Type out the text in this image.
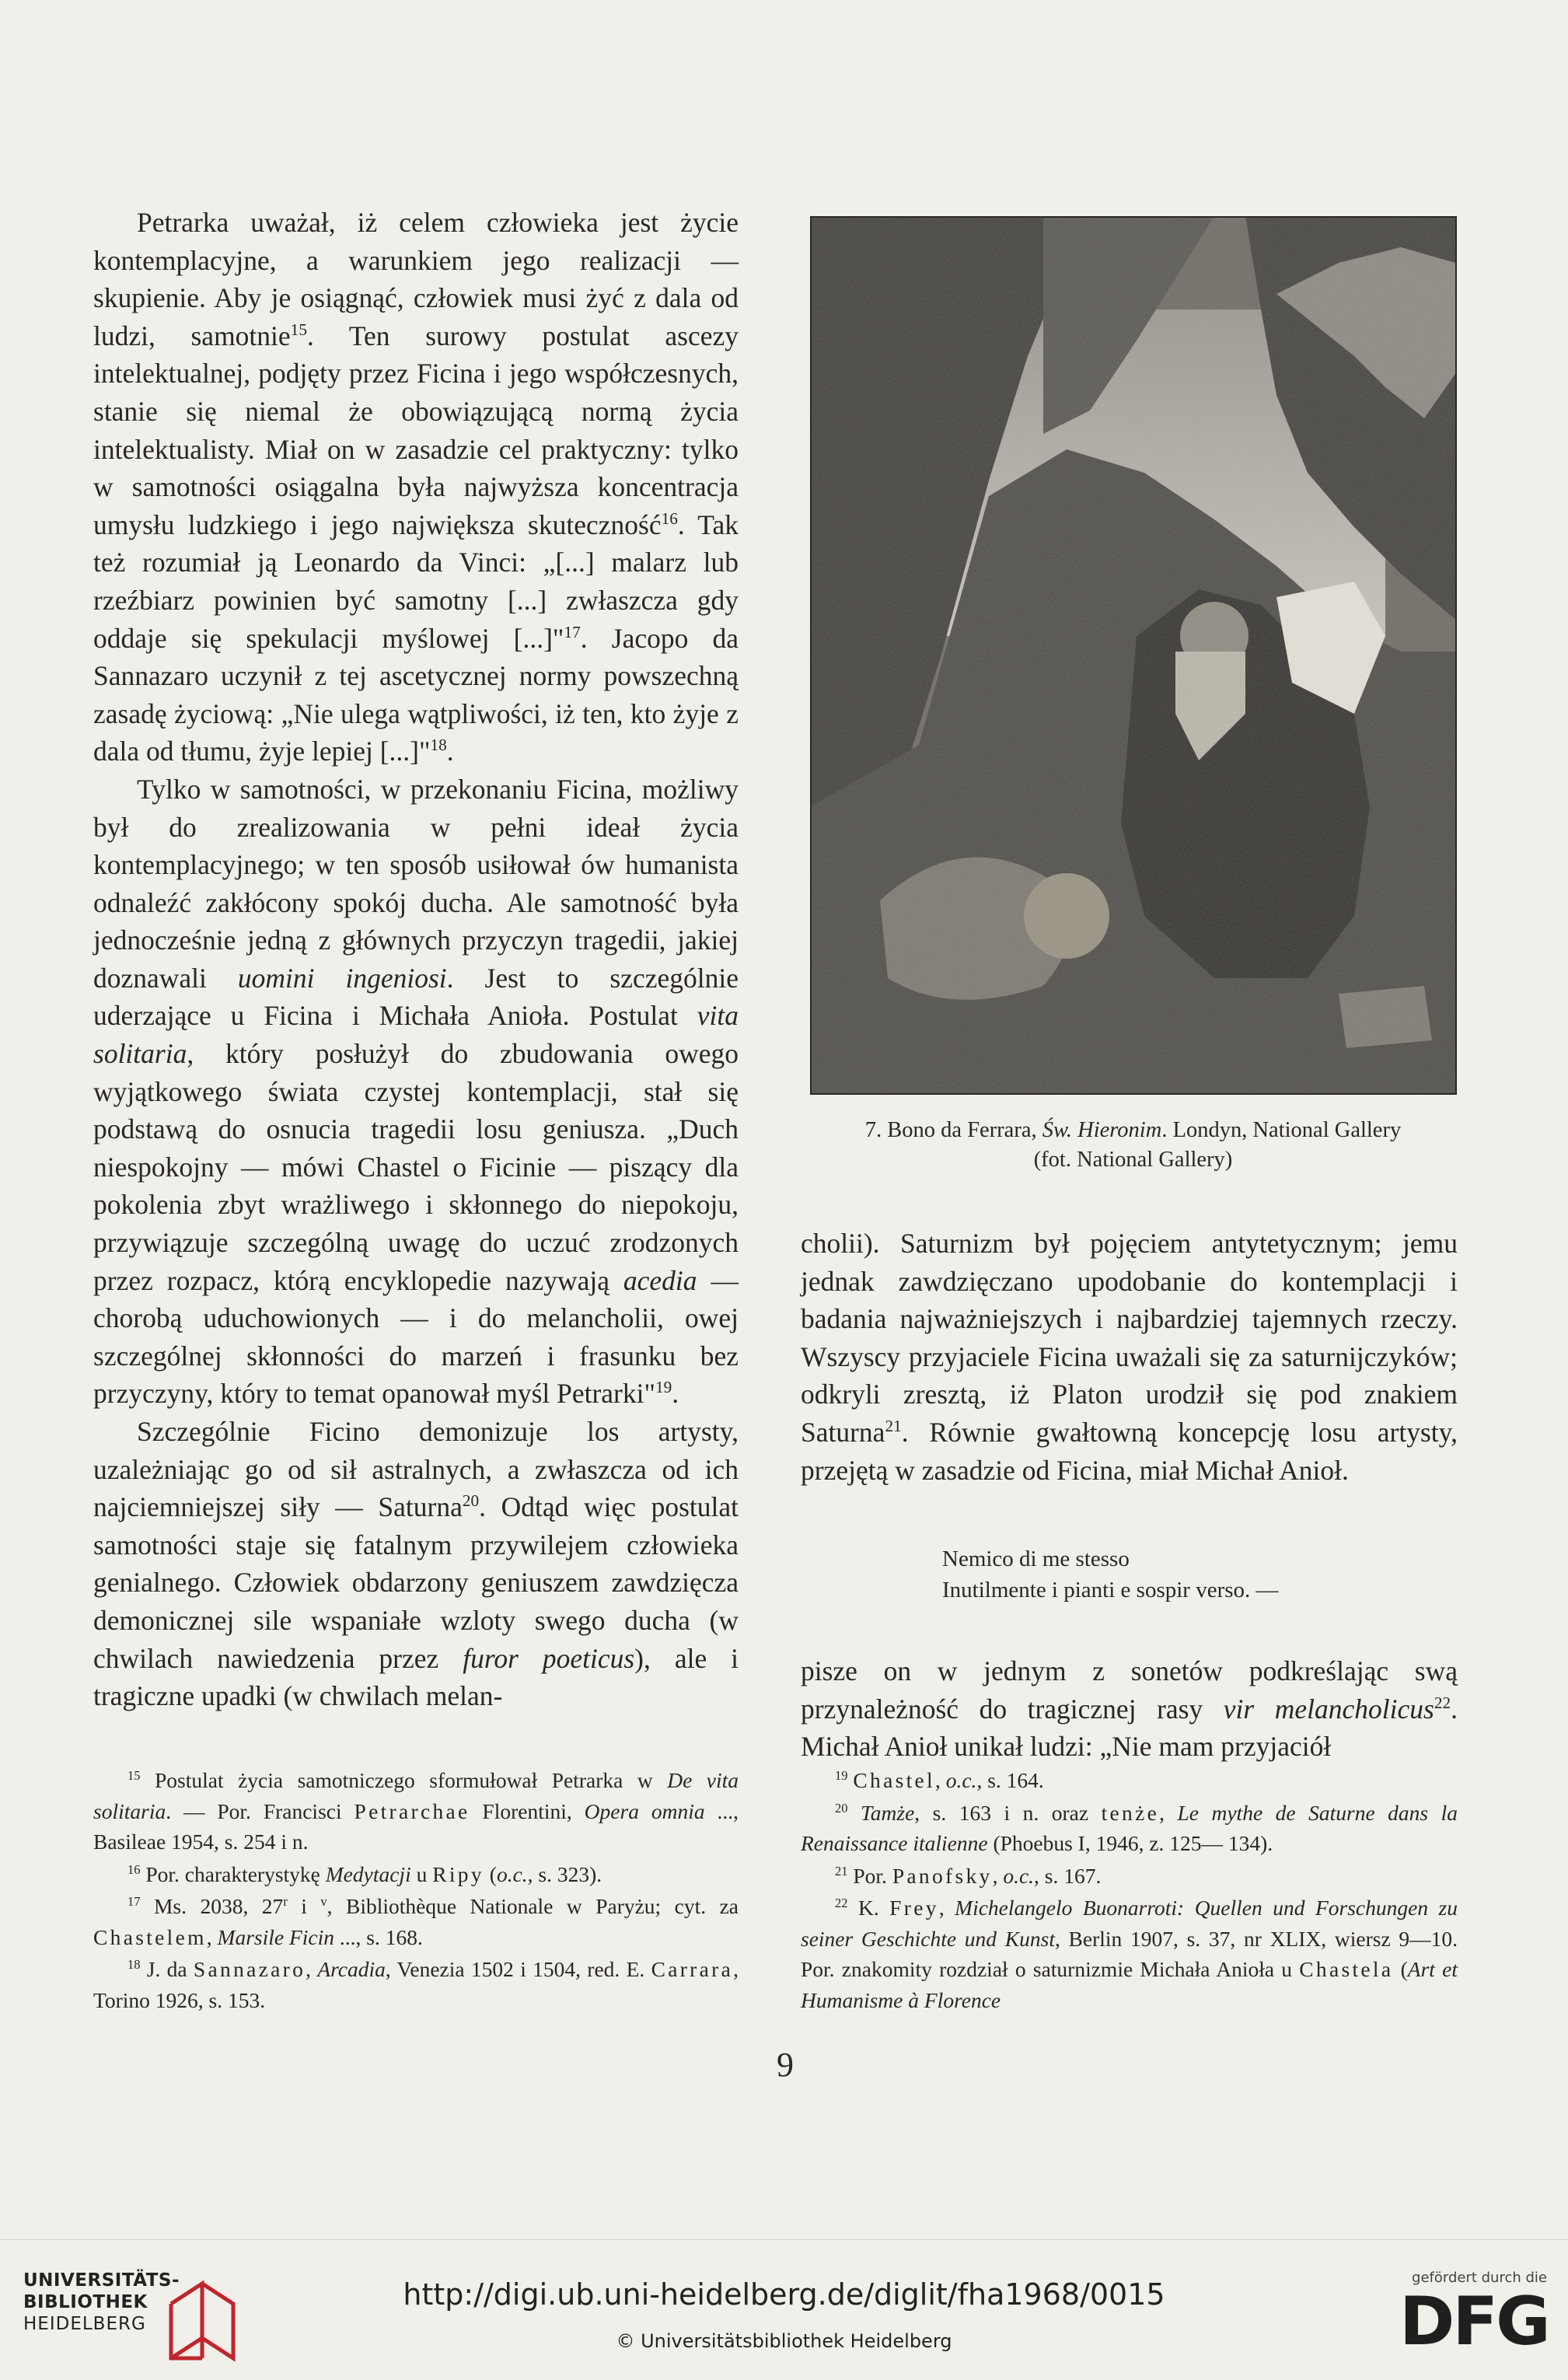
Petrarka uważał, iż celem człowieka jest życie kontemplacyjne, a warunkiem jego realizacji — skupienie. Aby je osiągnąć, człowiek musi żyć z dala od ludzi, samotnie$^{15}$. Ten surowy postulat ascezy intelektualnej, podjęty przez Ficina i jego współczesnych, stanie się niemal że obowiązującą normą życia intelektualisty. Miał on w zasadzie cel praktyczny: tylko w samotności osiągalna była najwyższa koncentracja umysłu ludzkiego i jego największa skuteczność$^{16}$. Tak też rozumiał ją Leonardo da Vinci: „[...] malarz lub rzeźbiarz powinien być samotny [...] zwłaszcza gdy oddaje się spekulacji myślowej [...]"$^{17}$. Jacopo da Sannazaro uczynił z tej ascetycznej normy powszechną zasadę życiową: „Nie ulega wątpliwości, iż ten, kto żyje z dala od tłumu, żyje lepiej [...]"$^{18}$.

Tylko w samotności, w przekonaniu Ficina, możliwy był do zrealizowania w pełni ideał życia kontemplacyjnego; w ten sposób usiłował ów humanista odnaleźć zakłócony spokój ducha. Ale samotność była jednocześnie jedną z głównych przyczyn tragedii, jakiej doznawali uomini ingeniosi. Jest to szczególnie uderzające u Ficina i Michała Anioła. Postulat vita solitaria, który posłużył do zbudowania owego wyjątkowego świata czystej kontemplacji, stał się podstawą do osnucia tragedii losu geniusza. „Duch niespokojny — mówi Chastel o Ficinie — piszący dla pokolenia zbyt wrażliwego i skłonnego do niepokoju, przywiązuje szczególną uwagę do uczuć zrodzonych przez rozpacz, którą encyklopedie nazywają acedia — chorobą uduchowionych — i do melancholii, owej szczególnej skłonności do marzeń i frasunku bez przyczyny, który to temat opanował myśl Petrarki"$^{19}$.

Szczególnie Ficino demonizuje los artysty, uzależniając go od sił astralnych, a zwłaszcza od ich najciemniejszej siły — Saturna$^{20}$. Odtąd więc postulat samotności staje się fatalnym przywilejem człowieka genialnego. Człowiek obdarzony geniuszem zawdzięcza demonicznej sile wspaniałe wzloty swego ducha (w chwilach nawiedzenia przez furor poeticus), ale i tragiczne upadki (w chwilach melan-

7. Bono da Ferrara, Św. Hieronim. Londyn, National Gallery

(fot. National Gallery)

cholii). Saturnizm był pojęciem antytetycznym; jemu jednak zawdzięczano upodobanie do kontemplacji i badania najważniejszych i najbardziej tajemnych rzeczy. Wszyscy przyjaciele Ficina uważali się za saturnijczyków; odkryli zresztą, iż Platon urodził się pod znakiem Saturna$^{21}$. Równie gwałtowną koncepcję losu artysty, przejętą w zasadzie od Ficina, miał Michał Anioł.

Nemico di me stesso

Inutilmente i pianti e sospir verso. —

pisze on w jednym z sonetów podkreślając swą przynależność do tragicznej rasy vir melancholicus$^{22}$. Michał Anioł unikał ludzi: „Nie mam przyjaciół

$^{15}$ Postulat życia samotniczego sformułował Petrarka w De vita solitaria. — Por. Francisci Petrarchae Florentini, Opera omnia ..., Basileae 1954, s. 254 i n.

$^{16}$ Por. charakterystykę Medytacji u Ripy (o.c., s. 323).

$^{17}$ Ms. 2038, 27$^r$ i $^v$, Bibliothèque Nationale w Paryżu; cyt. za Chastelem, Marsile Ficin ..., s. 168.

$^{18}$ J. da Sannazaro, Arcadia, Venezia 1502 i 1504, red. E. Carrara, Torino 1926, s. 153.

$^{19}$ Chastel, o.c., s. 164.

$^{20}$ Tamże, s. 163 i n. oraz tenże, Le mythe de Saturne dans la Renaissance italienne (Phoebus I, 1946, z. 125— 134).

$^{21}$ Por. Panofsky, o.c., s. 167.

$^{22}$ K. Frey, Michelangelo Buonarroti: Quellen und Forschungen zu seiner Geschichte und Kunst, Berlin 1907, s. 37, nr XLIX, wiersz 9—10. Por. znakomity rozdział o saturnizmie Michała Anioła u Chastela (Art et Humanisme à Florence

9
UNIVERSITÄTS-
BIBLIOTHEK
HEIDELBERG
http://digi.ub.uni-heidelberg.de/diglit/fha1968/0015
© Universitätsbibliothek Heidelberg
gefördert durch die
DFG
